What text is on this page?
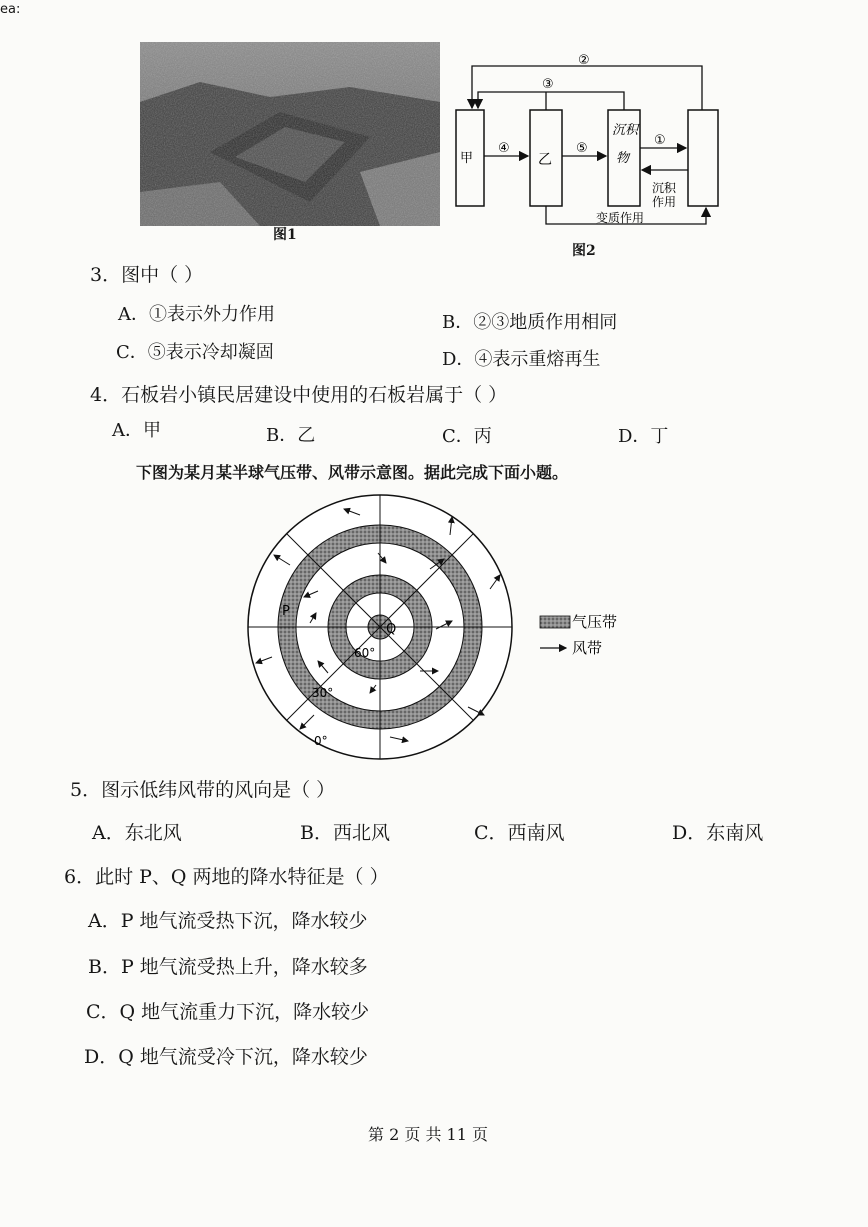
ea:
图1
甲	乙
沉积
物
②
③
④	⑤
①
沉积
作用
变质作用
图2
3．图中（ ）
A．①表示外力作用	B．②③地质作用相同
C．⑤表示冷却凝固	D．④表示重熔再生
4．石板岩小镇民居建设中使用的石板岩属于（ ）
A．甲	B．乙	C．丙	D．丁
下图为某月某半球气压带、风带示意图。据此完成下面小题。
P
Q
60°
30°
0°
气压带
风带
5．图示低纬风带的风向是（ ）
A．东北风	B．西北风	C．西南风	D．东南风
6．此时 P、Q 两地的降水特征是（ ）
A．P 地气流受热下沉，降水较少
B．P 地气流受热上升，降水较多
C．Q 地气流重力下沉，降水较少
D．Q 地气流受冷下沉，降水较少
第 2 页 共 11 页
